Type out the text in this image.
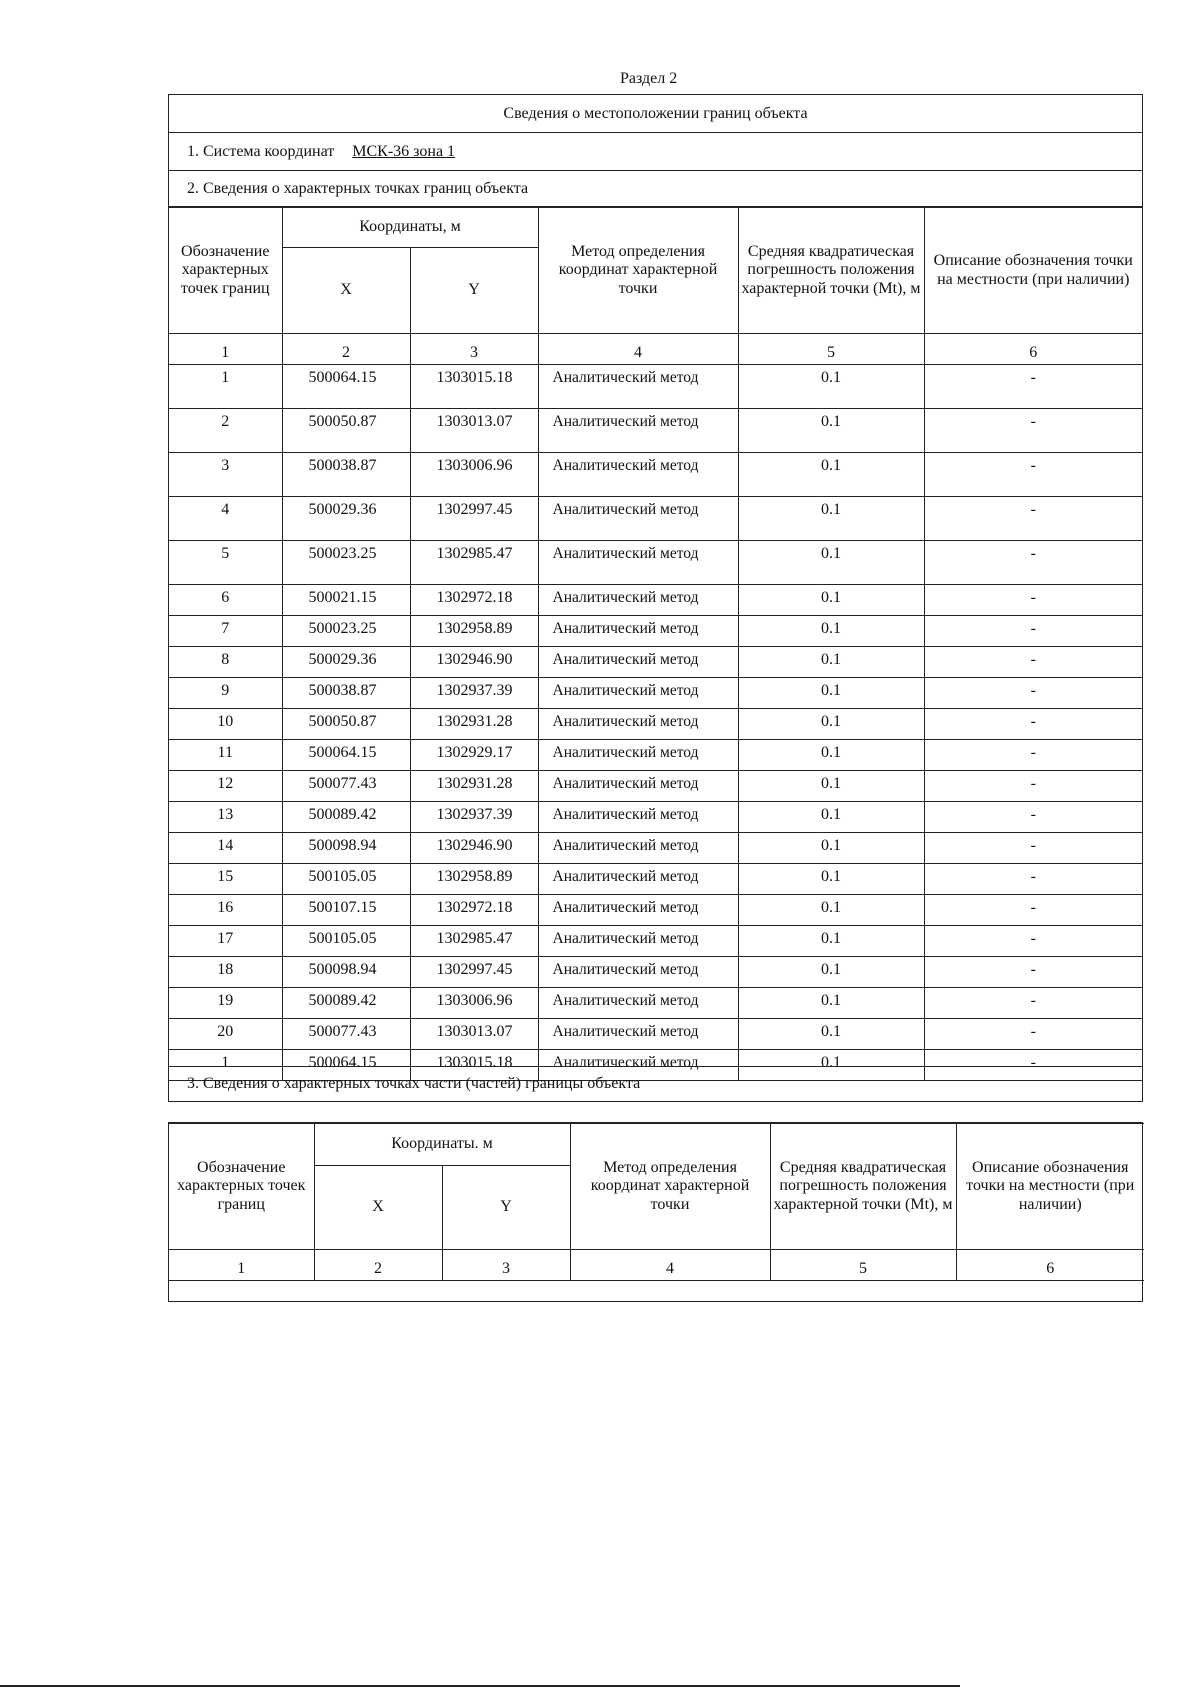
Раздел 2
Сведения о местоположении границ объекта
1. Система координат МСК-36 зона 1
2. Сведения о характерных точках границ объекта
Обозначение характерных точек границ	Координаты, м		Метод определения координат характерной точки	Средняя квадратическая погрешность положения характерной точки (Mt), м	Описание обозначения точки на местности (при наличии)
	X	Y			
1	2	3	4	5	6
1	500064.15	1303015.18	Аналитический метод	0.1	-
2	500050.87	1303013.07	Аналитический метод	0.1	-
3	500038.87	1303006.96	Аналитический метод	0.1	-
4	500029.36	1302997.45	Аналитический метод	0.1	-
5	500023.25	1302985.47	Аналитический метод	0.1	-
6	500021.15	1302972.18	Аналитический метод	0.1	-
7	500023.25	1302958.89	Аналитический метод	0.1	-
8	500029.36	1302946.90	Аналитический метод	0.1	-
9	500038.87	1302937.39	Аналитический метод	0.1	-
10	500050.87	1302931.28	Аналитический метод	0.1	-
11	500064.15	1302929.17	Аналитический метод	0.1	-
12	500077.43	1302931.28	Аналитический метод	0.1	-
13	500089.42	1302937.39	Аналитический метод	0.1	-
14	500098.94	1302946.90	Аналитический метод	0.1	-
15	500105.05	1302958.89	Аналитический метод	0.1	-
16	500107.15	1302972.18	Аналитический метод	0.1	-
17	500105.05	1302985.47	Аналитический метод	0.1	-
18	500098.94	1302997.45	Аналитический метод	0.1	-
19	500089.42	1303006.96	Аналитический метод	0.1	-
20	500077.43	1303013.07	Аналитический метод	0.1	-
1	500064.15	1303015.18	Аналитический метод	0.1	-
3. Сведения о характерных точках части (частей) границы объекта
Обозначение характерных точек границ	Координаты. м		Метод определения координат характерной точки	Средняя квадратическая погрешность положения характерной точки (Mt), м	Описание обозначения точки на местности (при наличии)
	X	Y			
1	2	3	4	5	6
